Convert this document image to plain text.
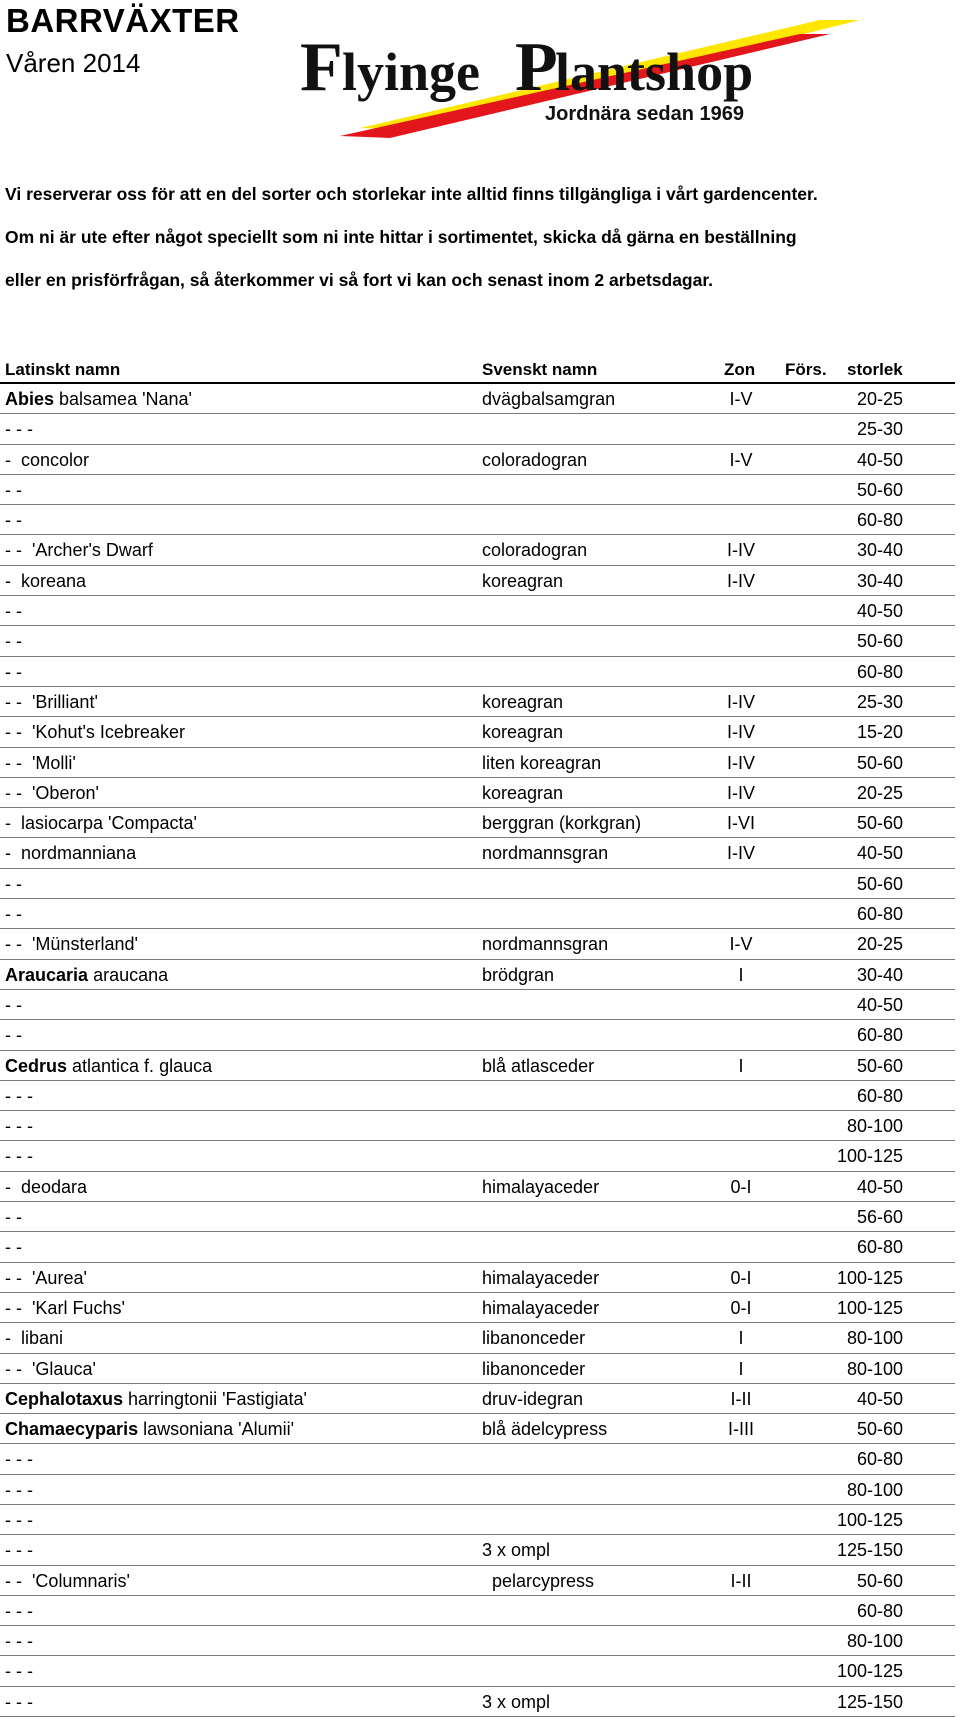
BARRVÄXTER
Våren 2014 F lyinge P
lantshop
Jordnära sedan 1969

Vi reserverar oss för att en del sorter och storlekar inte alltid finns tillgängliga i vårt gardencenter.

Om ni är ute efter något speciellt som ni inte hittar i sortimentet, skicka då gärna en beställning

eller en prisförfrågan, så återkommer vi så fort vi kan och senast inom 2 arbetsdagar.

Latinskt namn	Svenskt namn	Zon Förs. storlek
Abies balsamea 'Nana'	dvägbalsamgran	I-V	20-25
- - -	25-30
-  concolor	coloradogran	I-V	40-50
- -	50-60
- -	60-80
- -  'Archer's Dwarf	coloradogran	I-IV	30-40
-  koreana	koreagran	I-IV	30-40
- -	40-50
- -	50-60
- -	60-80
- -  'Brilliant'	koreagran	I-IV	25-30
- -  'Kohut's Icebreaker	koreagran	I-IV	15-20
- -  'Molli'	liten koreagran	I-IV	50-60
- -  'Oberon'	koreagran	I-IV	20-25
-  lasiocarpa 'Compacta'	berggran (korkgran)	I-VI	50-60
-  nordmanniana	nordmannsgran	I-IV	40-50
- -	50-60
- -	60-80
- -  'Münsterland'	nordmannsgran	I-V	20-25
Araucaria araucana	brödgran	I	30-40
- -	40-50
- -	60-80
Cedrus atlantica f. glauca	blå atlasceder	I	50-60
- - -	60-80
- - -	80-100
- - -	100-125
-  deodara	himalayaceder	0-I	40-50
- -	56-60
- -	60-80
- -  'Aurea'	himalayaceder	0-I	100-125
- -  'Karl Fuchs'	himalayaceder	0-I	100-125
-  libani	libanonceder	I	80-100
- -  'Glauca'	libanonceder	I	80-100
Cephalotaxus harringtonii 'Fastigiata'	druv-idegran	I-II	40-50
Chamaecyparis lawsoniana 'Alumii'	blå ädelcypress	I-III	50-60
- - -	60-80
- - -	80-100
- - -	100-125
- - -	3 x ompl	125-150
- -  'Columnaris'	pelarcypress	I-II	50-60
- - -	60-80
- - -	80-100
- - -	100-125
- - -	3 x ompl	125-150
